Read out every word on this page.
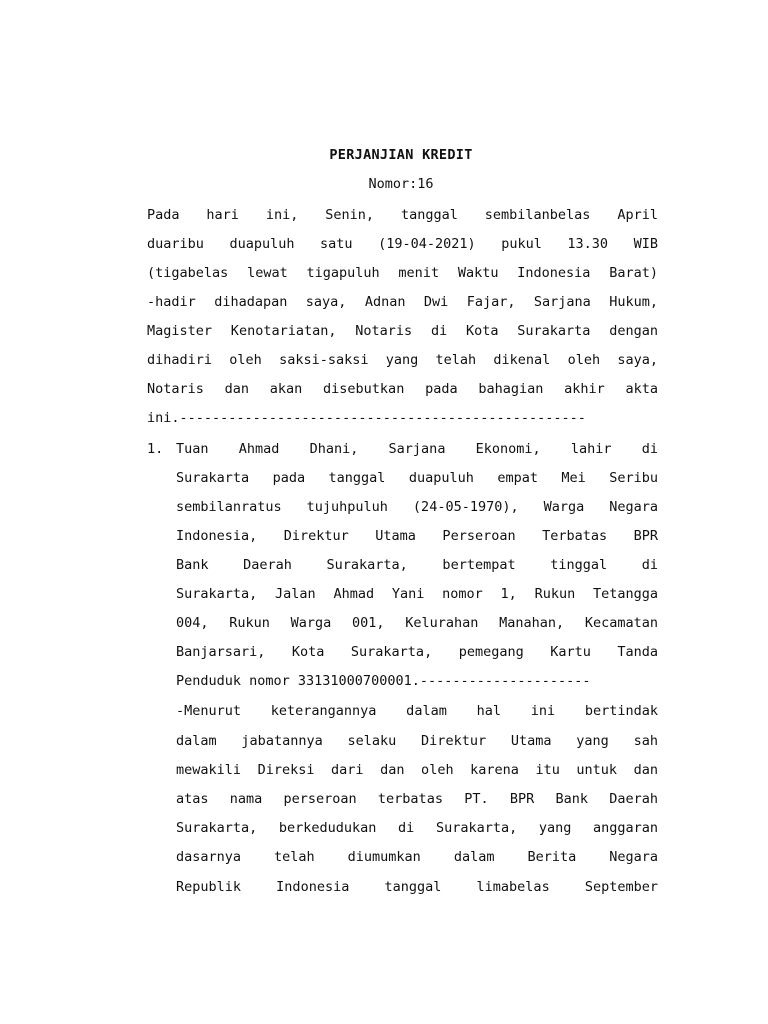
PERJANJIAN KREDIT
Nomor:16
Pada hari ini, Senin, tanggal sembilanbelas April
duaribu duapuluh satu (19-04-2021) pukul 13.30 WIB
(tigabelas lewat tigapuluh menit Waktu Indonesia Barat)
-hadir dihadapan saya, Adnan Dwi Fajar, Sarjana Hukum,
Magister Kenotariatan, Notaris di Kota Surakarta dengan
dihadiri oleh saksi-saksi yang telah dikenal oleh saya,
Notaris dan akan disebutkan pada bahagian akhir akta
ini.--------------------------------------------------
1. Tuan Ahmad Dhani, Sarjana Ekonomi, lahir di
Surakarta pada tanggal duapuluh empat Mei Seribu
sembilanratus tujuhpuluh (24-05-1970), Warga Negara
Indonesia, Direktur Utama Perseroan Terbatas BPR
Bank Daerah Surakarta, bertempat tinggal di
Surakarta, Jalan Ahmad Yani nomor 1, Rukun Tetangga
004, Rukun Warga 001, Kelurahan Manahan, Kecamatan
Banjarsari, Kota Surakarta, pemegang Kartu Tanda
Penduduk nomor 33131000700001.---------------------
-Menurut keterangannya dalam hal ini bertindak
dalam jabatannya selaku Direktur Utama yang sah
mewakili Direksi dari dan oleh karena itu untuk dan
atas nama perseroan terbatas PT. BPR Bank Daerah
Surakarta, berkedudukan di Surakarta, yang anggaran
dasarnya telah diumumkan dalam Berita Negara
Republik Indonesia tanggal limabelas September
